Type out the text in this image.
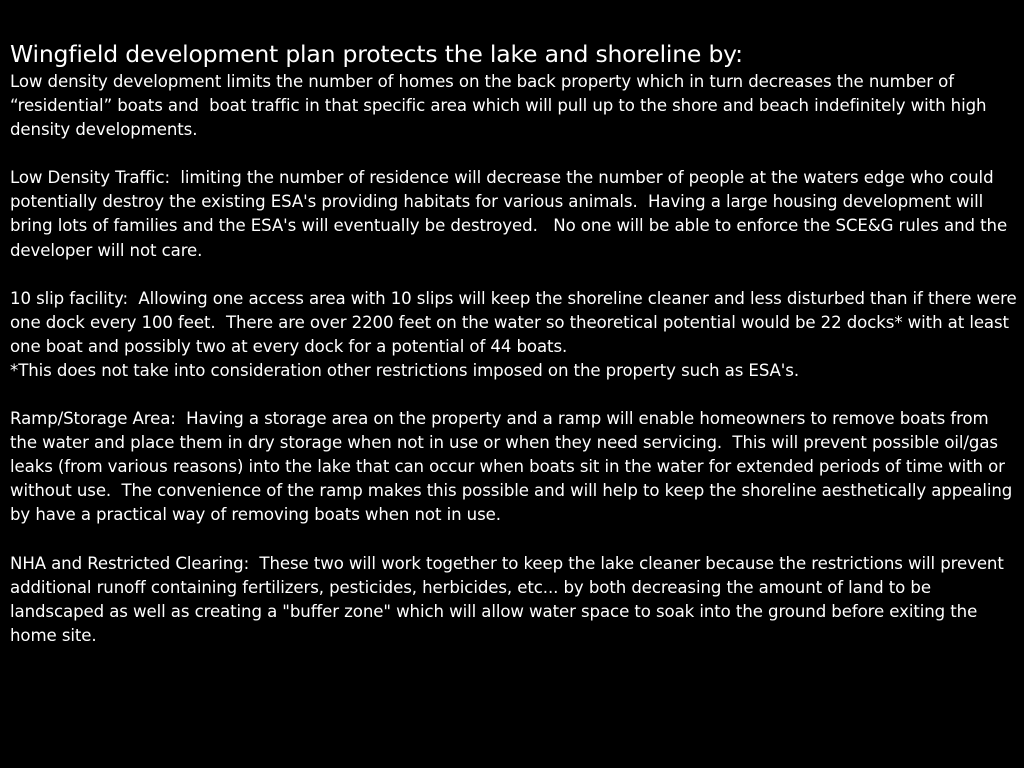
Wingfield development plan protects the lake and shoreline by:

Low density development limits the number of homes on the back property which in turn decreases the number of “residential” boats and  boat traffic in that specific area which will pull up to the shore and beach indefinitely with high density developments.

Low Density Traffic:  limiting the number of residence will decrease the number of people at the waters edge who could potentially destroy the existing ESA's providing habitats for various animals.  Having a large housing development will bring lots of families and the ESA's will eventually be destroyed.   No one will be able to enforce the SCE&G rules and the developer will not care.

10 slip facility:  Allowing one access area with 10 slips will keep the shoreline cleaner and less disturbed than if there were one dock every 100 feet.  There are over 2200 feet on the water so theoretical potential would be 22 docks* with at least one boat and possibly two at every dock for a potential of 44 boats.

*This does not take into consideration other restrictions imposed on the property such as ESA's.

Ramp/Storage Area:  Having a storage area on the property and a ramp will enable homeowners to remove boats from the water and place them in dry storage when not in use or when they need servicing.  This will prevent possible oil/gas leaks (from various reasons) into the lake that can occur when boats sit in the water for extended periods of time with or without use.  The convenience of the ramp makes this possible and will help to keep the shoreline aesthetically appealing by have a practical way of removing boats when not in use.

NHA and Restricted Clearing:  These two will work together to keep the lake cleaner because the restrictions will prevent additional runoff containing fertilizers, pesticides, herbicides, etc... by both decreasing the amount of land to be landscaped as well as creating a "buffer zone" which will allow water space to soak into the ground before exiting the home site.
